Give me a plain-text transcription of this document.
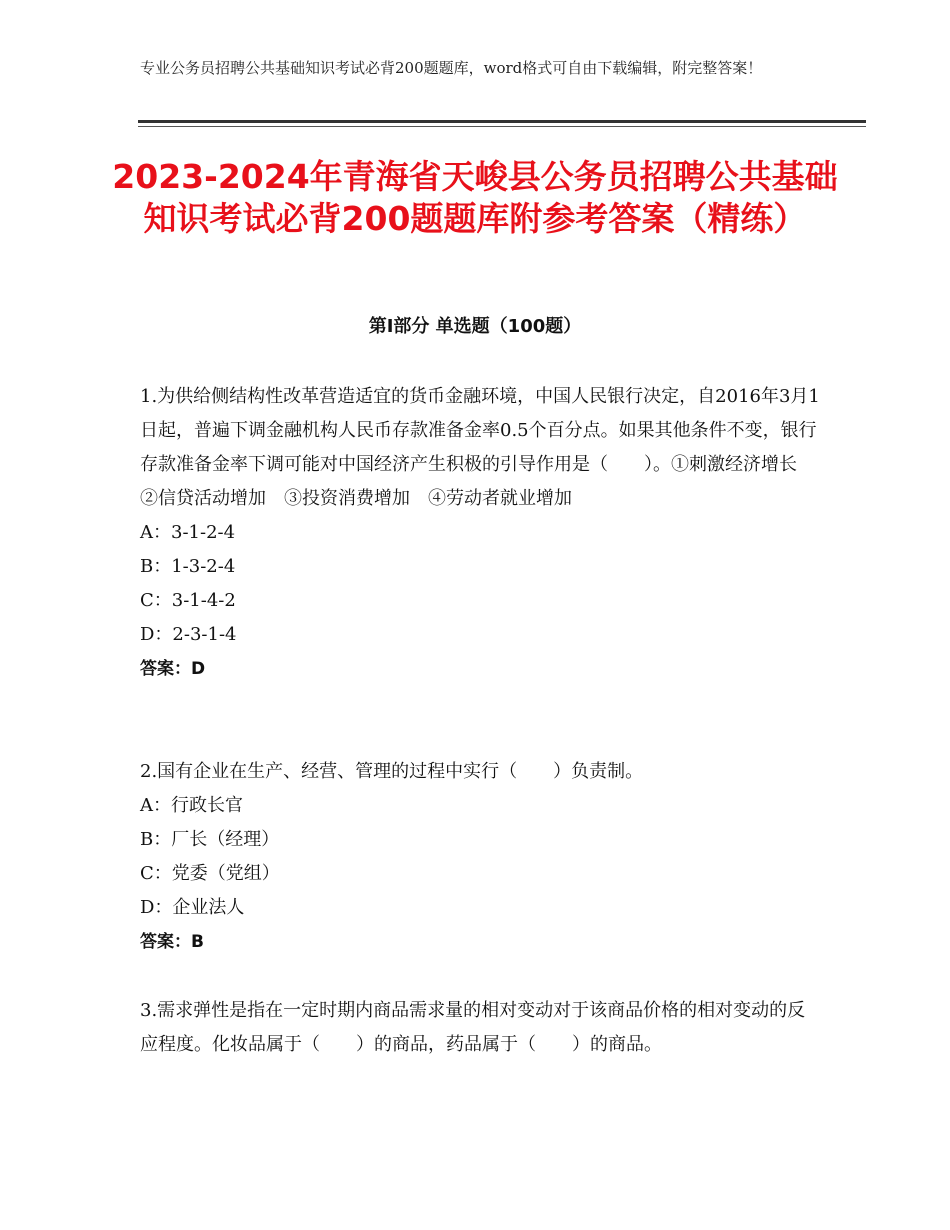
专业公务员招聘公共基础知识考试必背200题题库，word格式可自由下载编辑，附完整答案！
2023-2024年青海省天峻县公务员招聘公共基础知识考试必背200题题库附参考答案（精练）
第Ⅰ部分 单选题（100题）
1.为供给侧结构性改革营造适宜的货币金融环境，中国人民银行决定，自2016年3月1日起，普遍下调金融机构人民币存款准备金率0.5个百分点。如果其他条件不变，银行存款准备金率下调可能对中国经济产生积极的引导作用是（　　）。①刺激经济增长　②信贷活动增加　③投资消费增加　④劳动者就业增加
A：3-1-2-4
B：1-3-2-4
C：3-1-4-2
D：2-3-1-4
答案：D
2.国有企业在生产、经营、管理的过程中实行（　　）负责制。
A：行政长官
B：厂长（经理）
C：党委（党组）
D：企业法人
答案：B
3.需求弹性是指在一定时期内商品需求量的相对变动对于该商品价格的相对变动的反应程度。化妆品属于（　　）的商品，药品属于（　　）的商品。
